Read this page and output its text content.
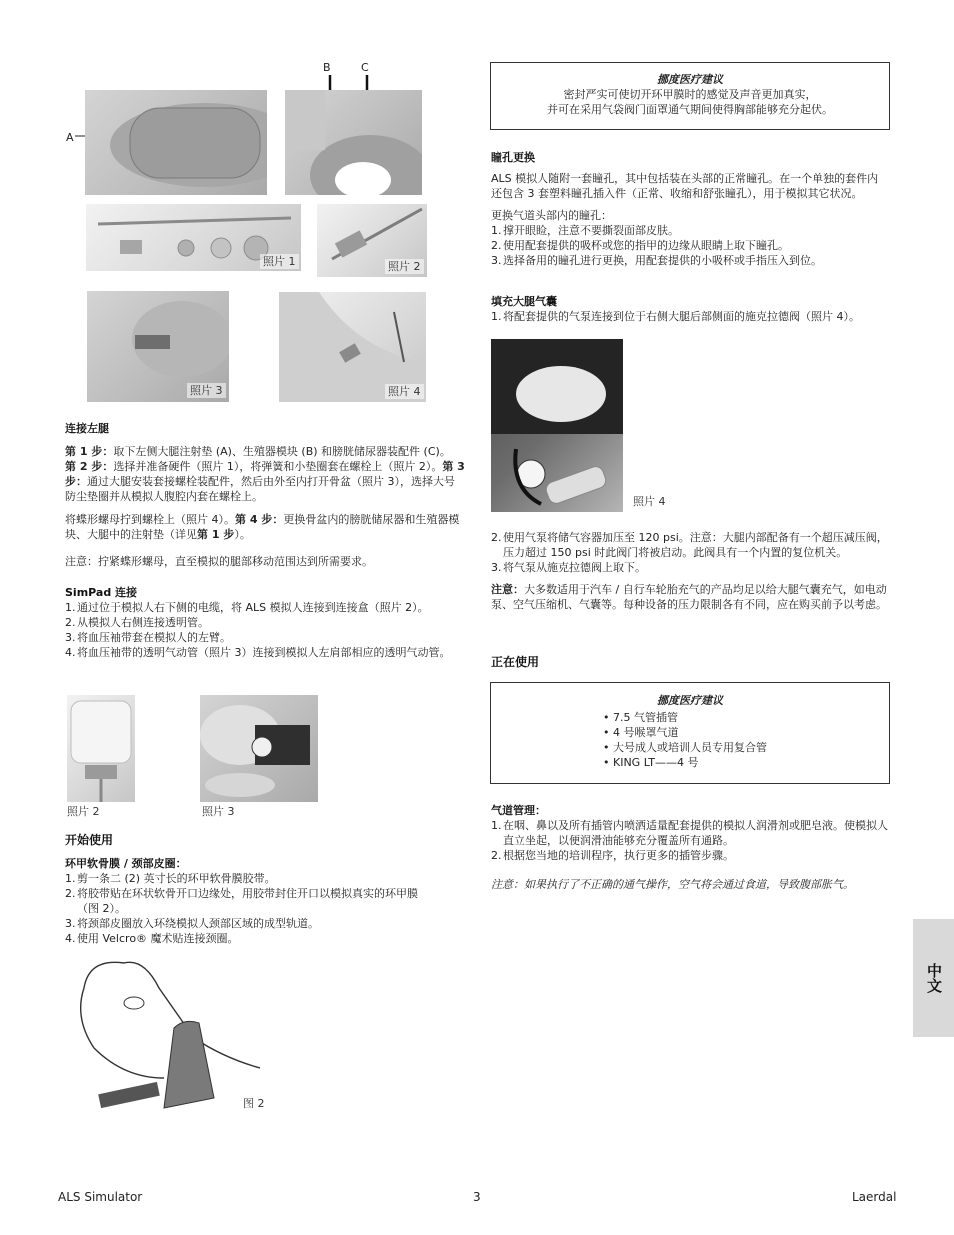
B	C
A
照片 1	照片 2
照片 3	照片 4
连接左腿

第 1 步：取下左侧大腿注射垫 (A)、生殖器模块 (B) 和膀胱储尿器装配件 (C)。
第 2 步：选择并准备硬件（照片 1），将弹簧和小垫圈套在螺栓上（照片 2）。第 3 步：通过大腿安装套接螺栓装配件，然后由外至内打开骨盆（照片 3），选择大号防尘垫圈并从模拟人腹腔内套在螺栓上。

将蝶形螺母拧到螺栓上（照片 4）。第 4 步：更换骨盆内的膀胱储尿器和生殖器模块、大腿中的注射垫（详见第 1 步）。

注意：拧紧蝶形螺母，直至模拟的腿部移动范围达到所需要求。

SimPad 连接
1. 通过位于模拟人右下侧的电缆，将 ALS 模拟人连接到连接盒（照片 2）。
2. 从模拟人右侧连接透明管。
3. 将血压袖带套在模拟人的左臂。
4. 将血压袖带的透明气动管（照片 3）连接到模拟人左肩部相应的透明气动管。
照片 2	照片 3
开始使用
环甲软骨膜 / 颈部皮圈：
1. 剪一条二 (2) 英寸长的环甲软骨膜胶带。
2. 将胶带贴在环状软骨开口边缘处，用胶带封住开口以模拟真实的环甲膜（图 2）。
3. 将颈部皮圈放入环绕模拟人颈部区域的成型轨道。
4. 使用 Velcro® 魔术贴连接颈圈。
图 2
挪度医疗建议
密封严实可使切开环甲膜时的感觉及声音更加真实，
并可在采用气袋阀门面罩通气期间使得胸部能够充分起伏。
瞳孔更换

ALS 模拟人随附一套瞳孔，其中包括装在头部的正常瞳孔。在一个单独的套件内还包含 3 套塑料瞳孔插入件（正常、收缩和舒张瞳孔），用于模拟其它状况。

更换气道头部内的瞳孔：

1. 撑开眼睑，注意不要撕裂面部皮肤。
2. 使用配套提供的吸杯或您的指甲的边缘从眼睛上取下瞳孔。
3. 选择备用的瞳孔进行更换，用配套提供的小吸杯或手指压入到位。
填充大腿气囊
1. 将配套提供的气泵连接到位于右侧大腿后部侧面的施克拉德阀（照片 4）。
照片 4
2. 使用气泵将储气容器加压至 120 psi。注意：大腿内部配备有一个超压减压阀，压力超过 150 psi 时此阀门将被启动。此阀具有一个内置的复位机关。
3. 将气泵从施克拉德阀上取下。

注意：大多数适用于汽车 / 自行车轮胎充气的产品均足以给大腿气囊充气，如电动泵、空气压缩机、气囊等。每种设备的压力限制各有不同，应在购买前予以考虑。

正在使用
挪度医疗建议
• 7.5 气管插管
• 4 号喉罩气道
• 大号成人或培训人员专用复合管
• KING LT——4 号
气道管理：
1. 在咽、鼻以及所有插管内喷洒适量配套提供的模拟人润滑剂或肥皂液。使模拟人直立坐起，以便润滑油能够充分覆盖所有通路。
2. 根据您当地的培训程序，执行更多的插管步骤。

注意：如果执行了不正确的通气操作，空气将会通过食道，导致腹部胀气。

中文
ALS Simulator	3	Laerdal
